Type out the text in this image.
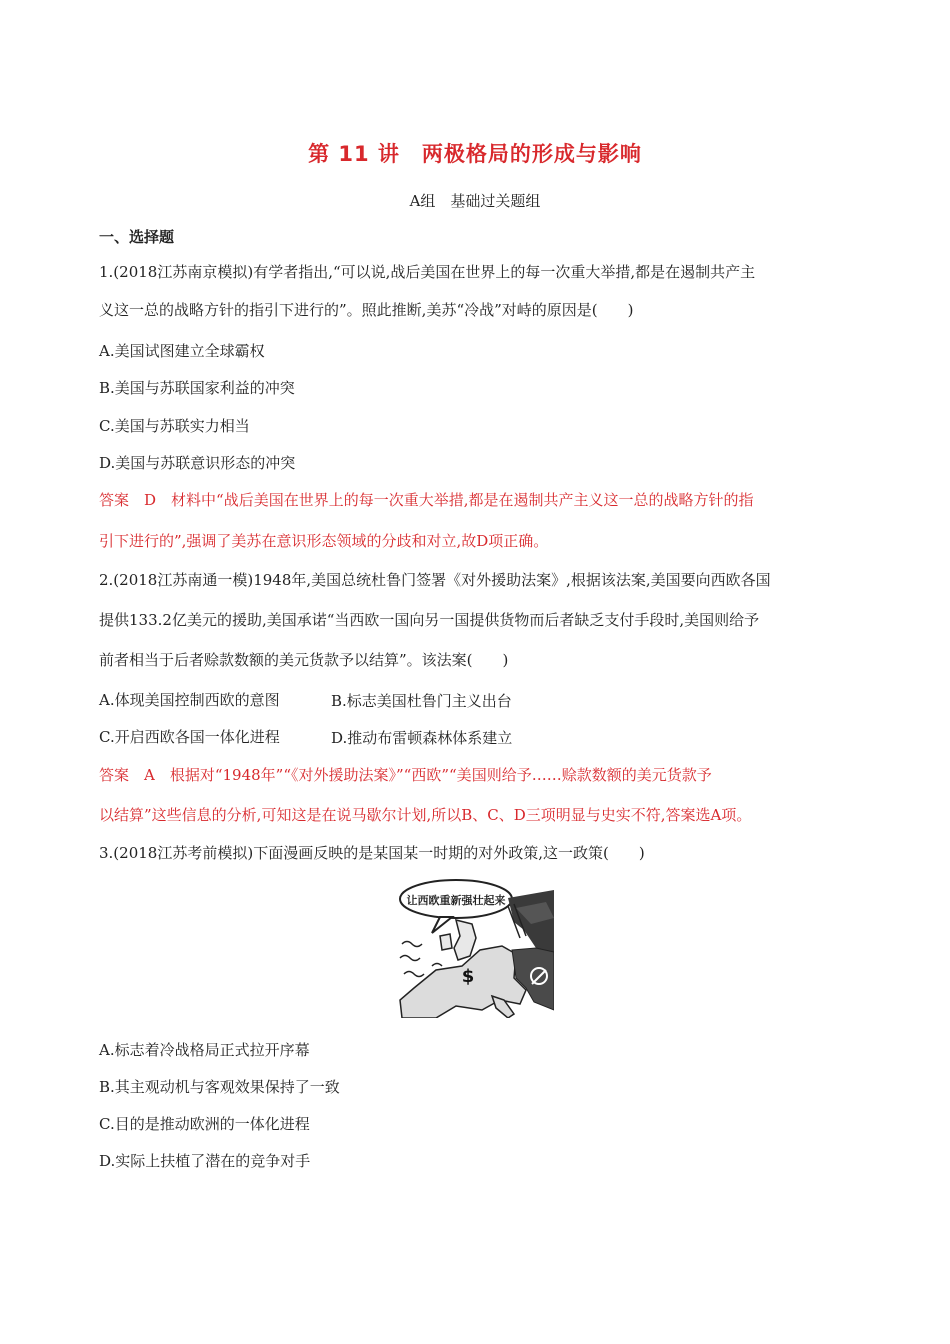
第 11 讲　两极格局的形成与影响
A组　基础过关题组
一、选择题
1.(2018江苏南京模拟)有学者指出,“可以说,战后美国在世界上的每一次重大举措,都是在遏制共产主
义这一总的战略方针的指引下进行的”。照此推断,美苏“冷战”对峙的原因是(　　)
A.美国试图建立全球霸权
B.美国与苏联国家利益的冲突
C.美国与苏联实力相当
D.美国与苏联意识形态的冲突
答案　D　材料中“战后美国在世界上的每一次重大举措,都是在遏制共产主义这一总的战略方针的指
引下进行的”,强调了美苏在意识形态领域的分歧和对立,故D项正确。
2.(2018江苏南通一模)1948年,美国总统杜鲁门签署《对外援助法案》,根据该法案,美国要向西欧各国
提供133.2亿美元的援助,美国承诺“当西欧一国向另一国提供货物而后者缺乏支付手段时,美国则给予
前者相当于后者赊款数额的美元货款予以结算”。该法案(　　)
A.体现美国控制西欧的意图	B.标志美国杜鲁门主义出台
C.开启西欧各国一体化进程	D.推动布雷顿森林体系建立
答案　A　根据对“1948年”“《对外援助法案》”“西欧”“美国则给予……赊款数额的美元货款予
以结算”这些信息的分析,可知这是在说马歇尔计划,所以B、C、D三项明显与史实不符,答案选A项。
3.(2018江苏考前模拟)下面漫画反映的是某国某一时期的对外政策,这一政策(　　)
让西欧重新强壮起来
$
A.标志着冷战格局正式拉开序幕
B.其主观动机与客观效果保持了一致
C.目的是推动欧洲的一体化进程
D.实际上扶植了潜在的竞争对手
